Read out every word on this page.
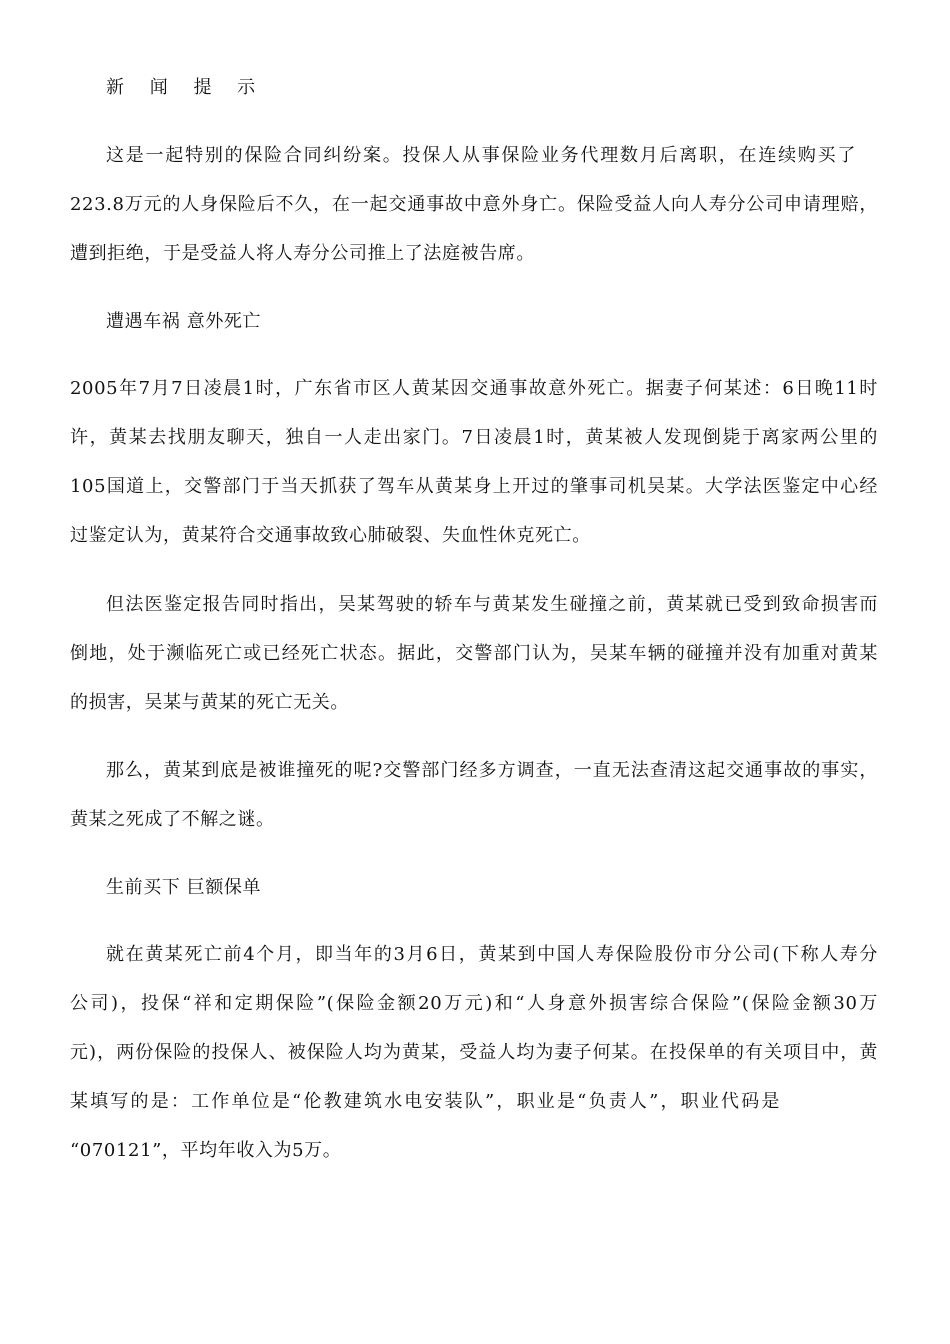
新 闻 提 示
这是一起特别的保险合同纠纷案。投保人从事保险业务代理数月后离职，在连续购买了
223.8万元的人身保险后不久，在一起交通事故中意外身亡。保险受益人向人寿分公司申请理赔，
遭到拒绝，于是受益人将人寿分公司推上了法庭被告席。
遭遇车祸 意外死亡
2005年7月7日凌晨1时，广东省市区人黄某因交通事故意外死亡。据妻子何某述：6日晚11时
许，黄某去找朋友聊天，独自一人走出家门。7日凌晨1时，黄某被人发现倒毙于离家两公里的
105国道上，交警部门于当天抓获了驾车从黄某身上开过的肇事司机吴某。大学法医鉴定中心经
过鉴定认为，黄某符合交通事故致心肺破裂、失血性休克死亡。
但法医鉴定报告同时指出，吴某驾驶的轿车与黄某发生碰撞之前，黄某就已受到致命损害而
倒地，处于濒临死亡或已经死亡状态。据此，交警部门认为，吴某车辆的碰撞并没有加重对黄某
的损害，吴某与黄某的死亡无关。
那么，黄某到底是被谁撞死的呢?交警部门经多方调查，一直无法查清这起交通事故的事实，
黄某之死成了不解之谜。
生前买下 巨额保单
就在黄某死亡前4个月，即当年的3月6日，黄某到中国人寿保险股份市分公司(下称人寿分
公司)，投保“祥和定期保险”(保险金额20万元)和“人身意外损害综合保险”(保险金额30万
元)，两份保险的投保人、被保险人均为黄某，受益人均为妻子何某。在投保单的有关项目中，黄
某填写的是：工作单位是“伦教建筑水电安装队”，职业是“负责人”，职业代码是
“070121”，平均年收入为5万。
